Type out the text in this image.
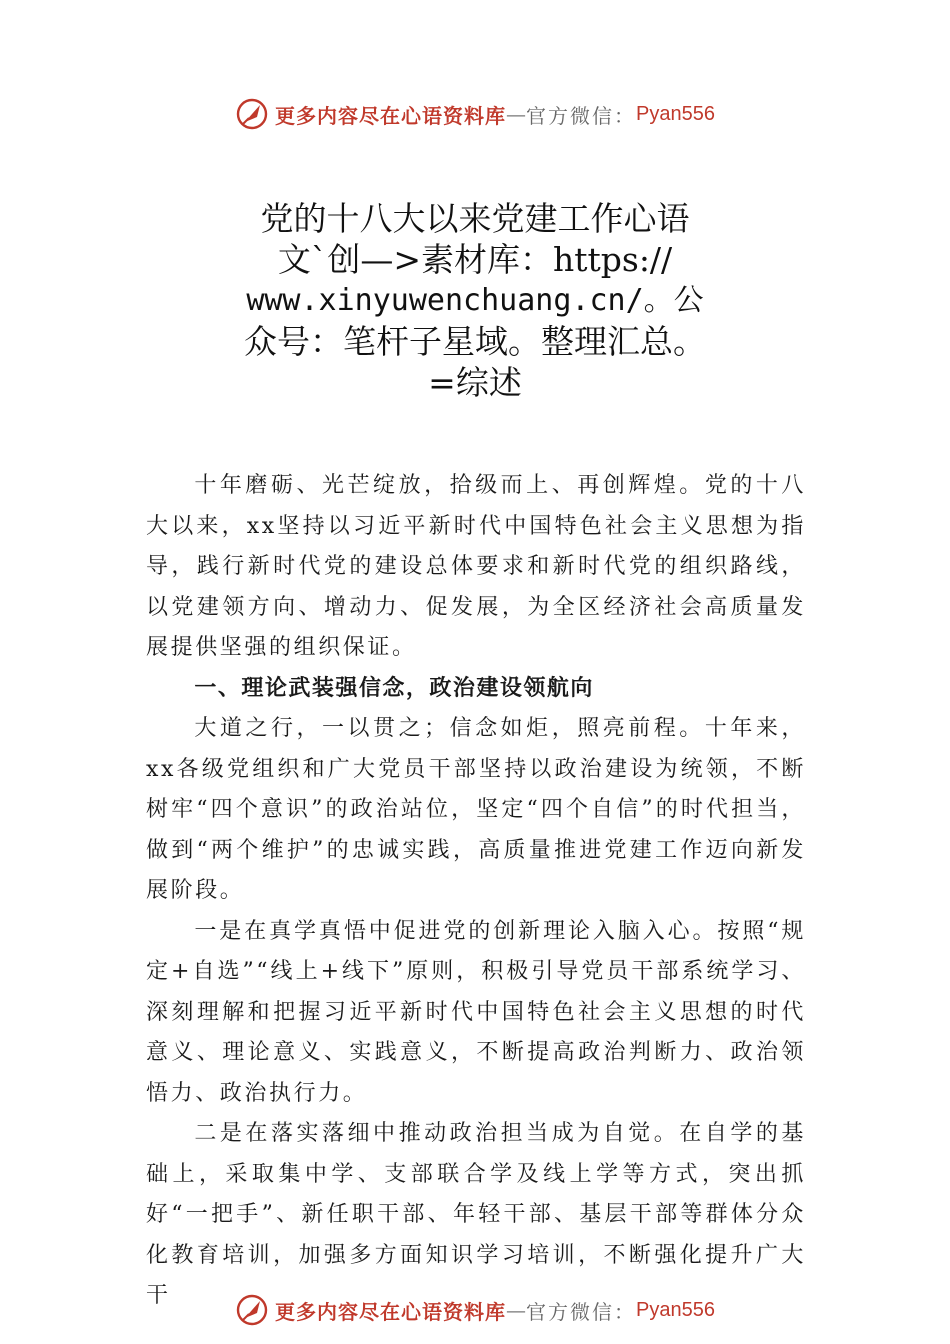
更多内容尽在心语资料库 — 官方微信： Pyan556
党的十八大以来党建工作心语
文`创—>素材库：https://
www.xinyuwenchuang.cn/。公
众号：笔杆子星域。整理汇总。
=综述

十年磨砺、光芒绽放，拾级而上、再创辉煌。党的十八大以来，xx坚持以习近平新时代中国特色社会主义思想为指导，践行新时代党的建设总体要求和新时代党的组织路线， 以党建领方向、增动力、促发展，为全区经济社会高质量发展提供坚强的组织保证。

一、理论武装强信念，政治建设领航向

大道之行，一以贯之；信念如炬，照亮前程。十年来，xx各级党组织和广大党员干部坚持以政治建设为统领，不断树牢“四个意识”的政治站位，坚定“四个自信”的时代担当，做到“两个维护”的忠诚实践，高质量推进党建工作迈向新发展阶段。

一是在真学真悟中促进党的创新理论入脑入心。按照“规定+自选”“线上+线下”原则，积极引导党员干部系统学习、深刻理解和把握习近平新时代中国特色社会主义思想的时代意义、理论意义、实践意义，不断提高政治判断力、政治领悟力、政治执行力。

二是在落实落细中推动政治担当成为自觉。在自学的基础上，采取集中学、支部联合学及线上学等方式，突出抓好“一把手”、新任职干部、年轻干部、基层干部等群体分众化教育培训，加强多方面知识学习培训，不断强化提升广大干

更多内容尽在心语资料库 — 官方微信： Pyan556
